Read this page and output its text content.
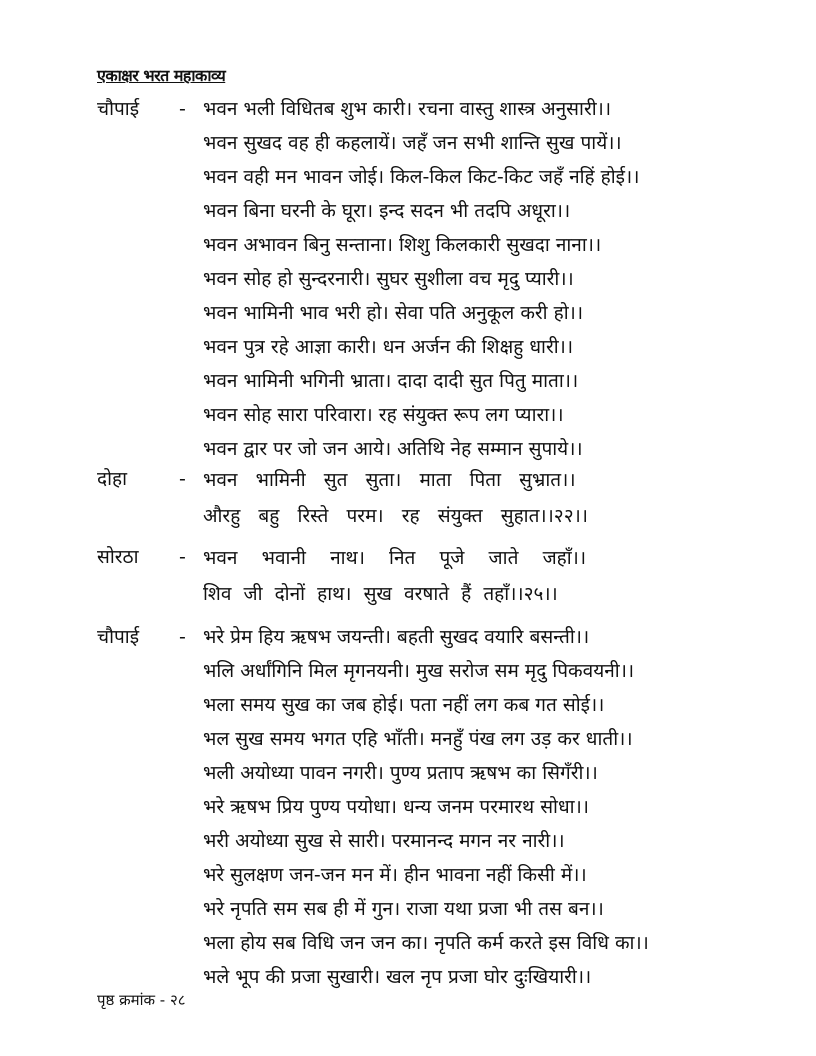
एकाक्षर भरत महाकाव्य
चौपाई - भवन भली विधितब शुभ कारी। रचना वास्तु शास्त्र अनुसारी।।
भवन सुखद वह ही कहलायें। जहँ जन सभी शान्ति सुख पायें।।
भवन वही मन भावन जोई। किल-किल किट-किट जहँ नहिं होई।।
भवन बिना घरनी के घूरा। इन्द सदन भी तदपि अधूरा।।
भवन अभावन बिनु सन्ताना। शिशु किलकारी सुखदा नाना।।
भवन सोह हो सुन्दरनारी। सुघर सुशीला वच मृदु प्यारी।।
भवन भामिनी भाव भरी हो। सेवा पति अनुकूल करी हो।।
भवन पुत्र रहे आज्ञा कारी। धन अर्जन की शिक्षहु धारी।।
भवन भामिनी भगिनी भ्राता। दादा दादी सुत पितु माता।।
भवन सोह सारा परिवारा। रह संयुक्त रूप लग प्यारा।।
भवन द्वार पर जो जन आये। अतिथि नेह सम्मान सुपाये।।
दोहा	- भवन   भामिनी   सुत   सुता।   माता   पिता   सुभ्रात।।
औरहु   बहु   रिस्ते   परम।   रह   संयुक्त   सुहात।।२२।।
सोरठा - भवन    भवानी    नाथ।    नित    पूजे    जाते    जहाँ।।
शिव  जी  दोनों  हाथ।  सुख  वरषाते  हैं  तहाँ।।२५।।
चौपाई - भरे प्रेम हिय ऋषभ जयन्ती। बहती सुखद वयारि बसन्ती।।
भलि अर्धांगिनि मिल मृगनयनी। मुख सरोज सम मृदु पिकवयनी।।
भला समय सुख का जब होई। पता नहीं लग कब गत सोई।।
भल सुख समय भगत एहि भाँती। मनहुँ पंख लग उड़ कर धाती।।
भली अयोध्या पावन नगरी। पुण्य प्रताप ऋषभ का सिगँरी।।
भरे ऋषभ प्रिय पुण्य पयोधा। धन्य जनम परमारथ सोधा।।
भरी अयोध्या सुख से सारी। परमानन्द मगन नर नारी।।
भरे सुलक्षण जन-जन मन में। हीन भावना नहीं किसी में।।
भरे नृपति सम सब ही में गुन। राजा यथा प्रजा भी तस बन।।
भला होय सब विधि जन जन का। नृपति कर्म करते इस विधि का।।
भले भूप की प्रजा सुखारी। खल नृप प्रजा घोर दुःखियारी।।
पृष्ठ क्रमांक - २८
